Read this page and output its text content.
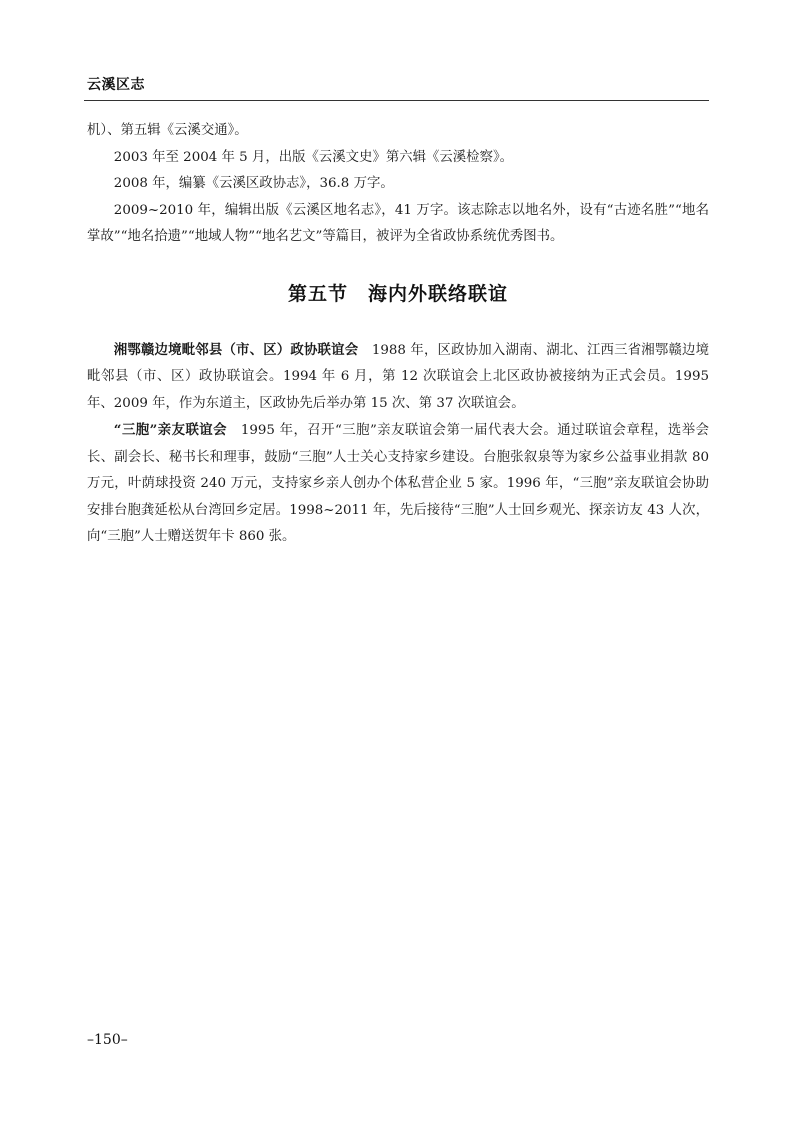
云溪区志

机）、第五辑《云溪交通》。

2003 年至 2004 年 5 月，出版《云溪文史》第六辑《云溪检察》。

2008 年，编纂《云溪区政协志》，36.8 万字。

2009~2010 年，编辑出版《云溪区地名志》，41 万字。该志除志以地名外，设有“古迹名胜”“地名掌故”“地名拾遗”“地域人物”“地名艺文”等篇目，被评为全省政协系统优秀图书。

第五节　海内外联络联谊

湘鄂赣边境毗邻县（市、区）政协联谊会　1988 年，区政协加入湖南、湖北、江西三省湘鄂赣边境毗邻县（市、区）政协联谊会。1994 年 6 月，第 12 次联谊会上北区政协被接纳为正式会员。1995 年、2009 年，作为东道主，区政协先后举办第 15 次、第 37 次联谊会。

“三胞”亲友联谊会　1995 年，召开“三胞”亲友联谊会第一届代表大会。通过联谊会章程，选举会长、副会长、秘书长和理事，鼓励“三胞”人士关心支持家乡建设。台胞张叙泉等为家乡公益事业捐款 80 万元，叶荫球投资 240 万元，支持家乡亲人创办个体私营企业 5 家。1996 年，“三胞”亲友联谊会协助安排台胞龚延松从台湾回乡定居。1998~2011 年，先后接待“三胞”人士回乡观光、探亲访友 43 人次，向“三胞”人士赠送贺年卡 860 张。

–150–
